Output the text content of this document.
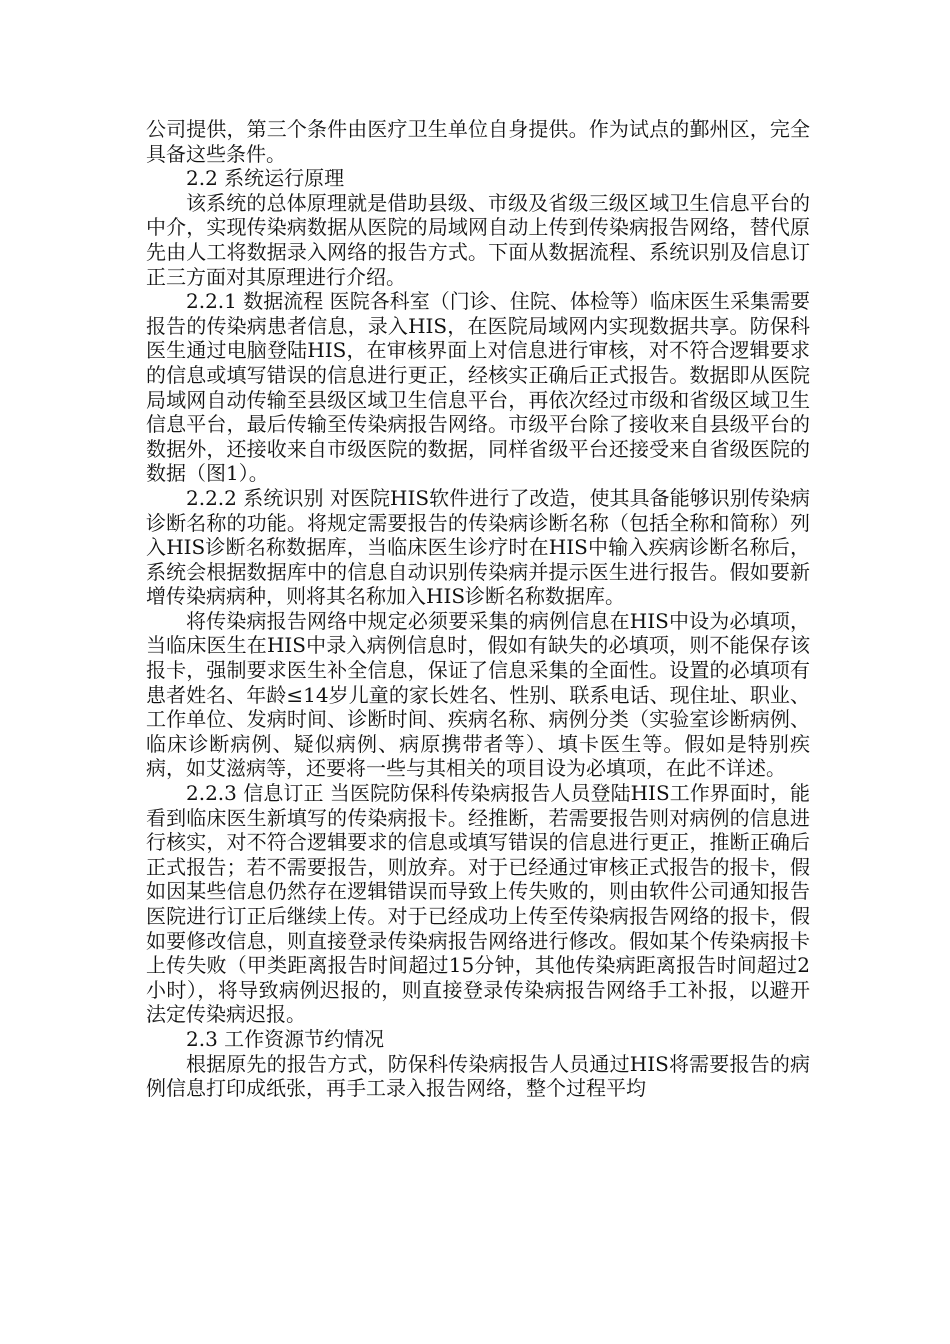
公司提供，第三个条件由医疗卫生单位自身提供。作为试点的鄞州区，完全具备这些条件。

2.2 系统运行原理

该系统的总体原理就是借助县级、市级及省级三级区域卫生信息平台的中介，实现传染病数据从医院的局域网自动上传到传染病报告网络，替代原先由人工将数据录入网络的报告方式。下面从数据流程、系统识别及信息订正三方面对其原理进行介绍。

2.2.1 数据流程 医院各科室（门诊、住院、体检等）临床医生采集需要报告的传染病患者信息，录入HIS，在医院局域网内实现数据共享。防保科医生通过电脑登陆HIS，在审核界面上对信息进行审核，对不符合逻辑要求的信息或填写错误的信息进行更正，经核实正确后正式报告。数据即从医院局域网自动传输至县级区域卫生信息平台，再依次经过市级和省级区域卫生信息平台，最后传输至传染病报告网络。市级平台除了接收来自县级平台的数据外，还接收来自市级医院的数据，同样省级平台还接受来自省级医院的数据（图1）。

2.2.2 系统识别 对医院HIS软件进行了改造，使其具备能够识别传染病诊断名称的功能。将规定需要报告的传染病诊断名称（包括全称和简称）列入HIS诊断名称数据库，当临床医生诊疗时在HIS中输入疾病诊断名称后，系统会根据数据库中的信息自动识别传染病并提示医生进行报告。假如要新增传染病病种，则将其名称加入HIS诊断名称数据库。

将传染病报告网络中规定必须要采集的病例信息在HIS中设为必填项，当临床医生在HIS中录入病例信息时，假如有缺失的必填项，则不能保存该报卡，强制要求医生补全信息，保证了信息采集的全面性。设置的必填项有患者姓名、年龄≤14岁儿童的家长姓名、性别、联系电话、现住址、职业、工作单位、发病时间、诊断时间、疾病名称、病例分类（实验室诊断病例、临床诊断病例、疑似病例、病原携带者等）、填卡医生等。假如是特别疾病，如艾滋病等，还要将一些与其相关的项目设为必填项，在此不详述。

2.2.3 信息订正 当医院防保科传染病报告人员登陆HIS工作界面时，能看到临床医生新填写的传染病报卡。经推断，若需要报告则对病例的信息进行核实，对不符合逻辑要求的信息或填写错误的信息进行更正，推断正确后正式报告；若不需要报告，则放弃。对于已经通过审核正式报告的报卡，假如因某些信息仍然存在逻辑错误而导致上传失败的，则由软件公司通知报告医院进行订正后继续上传。对于已经成功上传至传染病报告网络的报卡，假如要修改信息，则直接登录传染病报告网络进行修改。假如某个传染病报卡上传失败（甲类距离报告时间超过15分钟，其他传染病距离报告时间超过2小时），将导致病例迟报的，则直接登录传染病报告网络手工补报，以避开法定传染病迟报。

2.3 工作资源节约情况

根据原先的报告方式，防保科传染病报告人员通过HIS将需要报告的病例信息打印成纸张，再手工录入报告网络，整个过程平均
